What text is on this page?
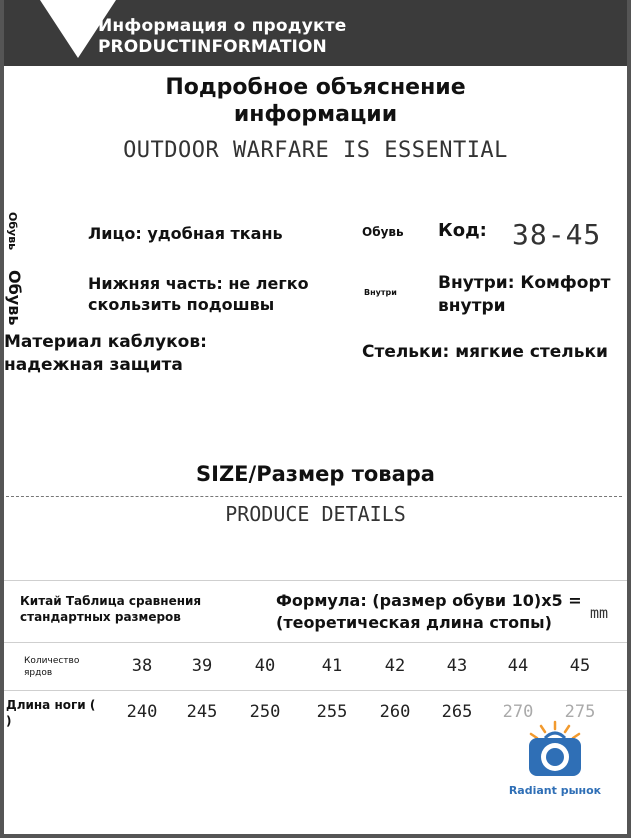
Информация о продукте
PRODUCTINFORMATION
Подробное объяснение
информации
OUTDOOR WARFARE IS ESSENTIAL
Обувь
Обувь
Лицо: удобная ткань
Нижняя часть: не легко
скользить подошвы
Материал каблуков:
надежная защита
Обувь Код: 38-45
Внутри Внутри: Комфорт
внутри
Стельки: мягкие стельки
SIZE/Размер товара
PRODUCE DETAILS
Китай Таблица сравнения
стандартных размеров
Формула: (размер обуви 10)x5 =
(теоретическая длина стопы)	mm
Количество
ярдов	38	39	40	41	42	43	44	45
Длина ноги (
)	240 245 250 255 260 265 270 275
Radiant рынок
